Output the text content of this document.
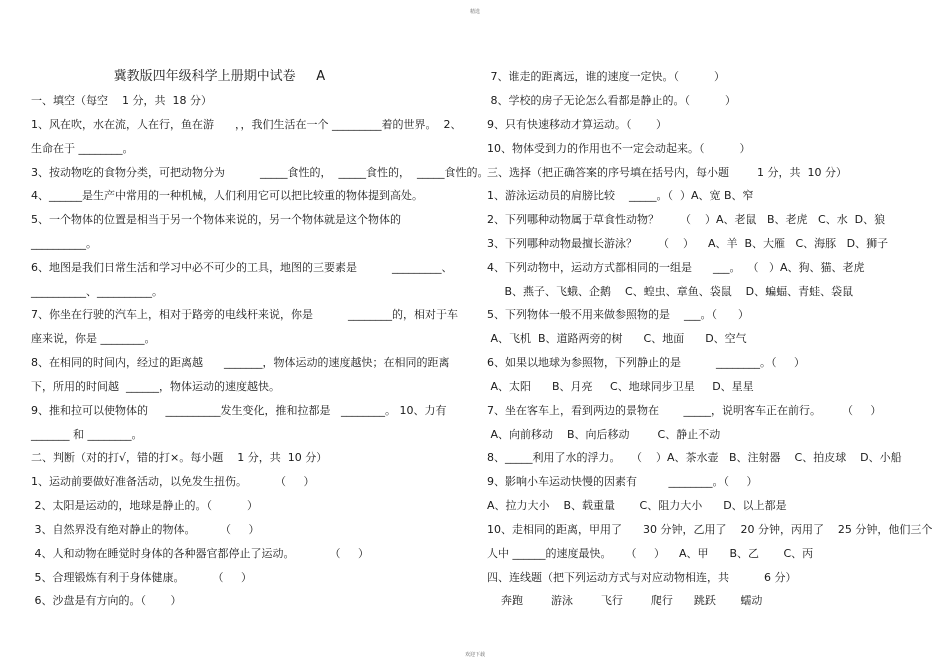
精选
冀教版四年级科学上册期中试卷     A
一、填空（每空    1 分，共  18 分）
1、风在吹，水在流，人在行，鱼在游      ，，我们生活在一个 _________着的世界。  2、
生命在于 ________。
3、按动物吃的食物分类，可把动物分为          _____食性的，  _____食性的，  _____食性的。
4、______是生产中常用的一种机械，人们利用它可以把比较重的物体提到高处。
5、一个物体的位置是相当于另一个物体来说的，另一个物体就是这个物体的
__________。
6、地图是我们日常生活和学习中必不可少的工具，地图的三要素是          _________、
__________、__________。
7、你坐在行驶的汽车上，相对于路旁的电线杆来说，你是          ________的，相对于车
座来说，你是 ________。
8、在相同的时间内，经过的距离越      _______，物体运动的速度越快；在相同的距离
下，所用的时间越  ______，物体运动的速度越快。
9、推和拉可以使物体的     __________发生变化，推和拉都是   ________。 10、力有
_______ 和 ________。
二、判断（对的打√，错的打×。每小题    1 分，共  10 分）
1、运动前要做好准备活动，以免发生扭伤。        （     ）
2、太阳是运动的，地球是静止的。（          ）
3、自然界没有绝对静止的物体。       （     ）
4、人和动物在睡觉时身体的各种器官都停止了运动。          （     ）
5、合理锻炼有利于身体健康。        （     ）
6、沙盘是有方向的。（       ）
7、谁走的距离远，谁的速度一定快。（          ）
8、学校的房子无论怎么看都是静止的。（          ）
9、只有快速移动才算运动。（       ）
10、物体受到力的作用也不一定会动起来。（          ）
三、选择（把正确答案的序号填在括号内，每小题        1 分，共  10 分）
1、游泳运动员的肩膀比较    _____。（  ）A、宽 B、窄
2、下列哪种动物属于草食性动物？      （    ）A、老鼠   B、老虎   C、水  D、狼
3、下列哪种动物最擅长游泳？      （    ）    A、羊  B、大雁   C、海豚   D、狮子
4、下列动物中，运动方式都相同的一组是      ___。  （   ）A、狗、猫、老虎
B、燕子、飞蛾、企鹅    C、蝗虫、章鱼、袋鼠    D、蝙蝠、青蛙、袋鼠
5、下列物体一般不用来做参照物的是    ___。（      ）
A、飞机  B、道路两旁的树      C、地面      D、空气
6、如果以地球为参照物，下列静止的是          ________。（     ）
A、太阳      B、月亮     C、地球同步卫星     D、星星
7、坐在客车上，看到两边的景物在       _____，说明客车正在前行。      （     ）
A、向前移动    B、向后移动        C、静止不动
8、_____利用了水的浮力。   （    ）A、茶水壶   B、注射器    C、拍皮球    D、小船
9、影响小车运动快慢的因素有         ________。（     ）
A、拉力大小    B、载重量       C、阻力大小      D、以上都是
10、走相同的距离，甲用了      30 分钟，乙用了    20 分钟，丙用了    25 分钟，他们三个
人中 ______的速度最快。    （     ）    A、甲      B、乙       C、丙
四、连线题（把下列运动方式与对应动物相连，共          6 分）
奔跑        游泳        飞行        爬行      跳跃       蠕动
欢迎下载
